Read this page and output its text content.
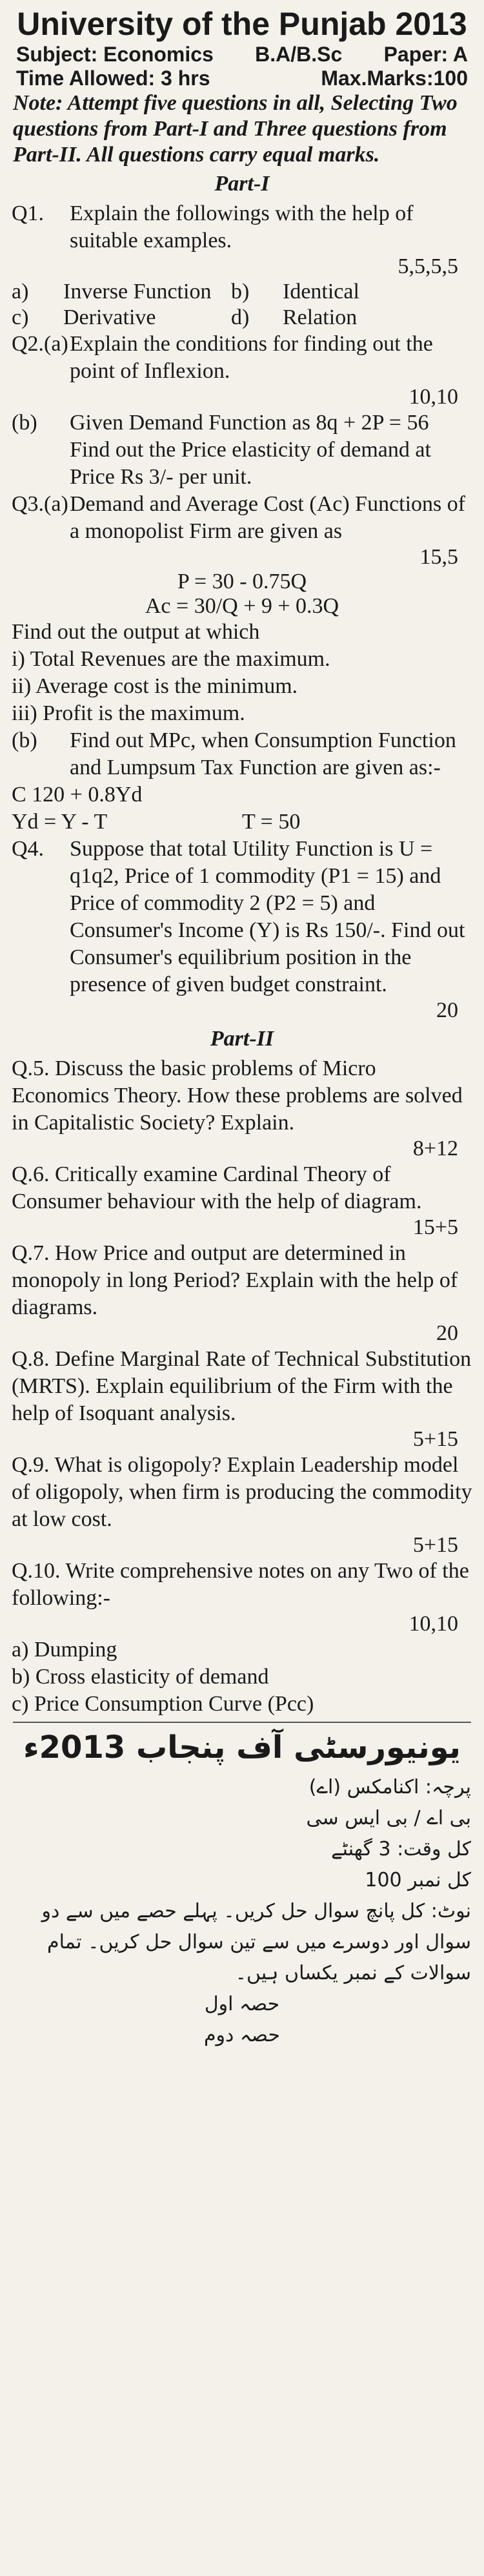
University of the Punjab 2013
Subject: Economics B.A/B.Sc Paper: A
Time Allowed: 3 hrs	Max.Marks:100
Note: Attempt five questions in all, Selecting Two questions from Part-I and Three questions from Part-II. All questions carry equal marks.
Part-I
Q1.	Explain the followings with the help of suitable examples.
5,5,5,5
a)	Inverse Function b)	Identical
c)	Derivative	d)	Relation
Q2.(a) Explain the conditions for finding out the point of Inflexion.
10,10
(b)	Given Demand Function as 8q + 2P = 56 Find out the Price elasticity of demand at Price Rs 3/- per unit.
Q3.(a) Demand and Average Cost (Ac) Functions of a monopolist Firm are given as
15,5
P = 30 - 0.75Q
Ac = 30/Q + 9 + 0.3Q
Find out the output at which
i) Total Revenues are the maximum.
ii) Average cost is the minimum.
iii) Profit is the maximum.
(b)	Find out MPc, when Consumption Function and Lumpsum Tax Function are given as:-
C 120 + 0.8Yd
Yd = Y - T	T = 50
Q4.	Suppose that total Utility Function is U = q1q2, Price of 1 commodity (P1 = 15) and Price of commodity 2 (P2 = 5) and Consumer's Income (Y) is Rs 150/-. Find out Consumer's equilibrium position in the presence of given budget constraint.
20
Part-II
Q.5. Discuss the basic problems of Micro Economics Theory. How these problems are solved in Capitalistic Society? Explain.
8+12
Q.6. Critically examine Cardinal Theory of Consumer behaviour with the help of diagram.
15+5
Q.7. How Price and output are determined in monopoly in long Period? Explain with the help of diagrams.
20
Q.8. Define Marginal Rate of Technical Substitution (MRTS). Explain equilibrium of the Firm with the help of Isoquant analysis.
5+15
Q.9. What is oligopoly? Explain Leadership model of oligopoly, when firm is producing the commodity at low cost.
5+15
Q.10. Write comprehensive notes on any Two of the following:-
10,10
a) Dumping
b) Cross elasticity of demand
c) Price Consumption Curve (Pcc)
یونیورسٹی آف پنجاب 2013ء
پرچہ: اکنامکس (اے)
بی اے / بی ایس سی
کل وقت: 3 گھنٹے
کل نمبر 100
نوٹ: کل پانچ سوال حل کریں۔ پہلے حصے میں سے دو سوال اور دوسرے میں سے تین سوال حل کریں۔ تمام سوالات کے نمبر یکساں ہیں۔
حصہ اول
حصہ دوم
